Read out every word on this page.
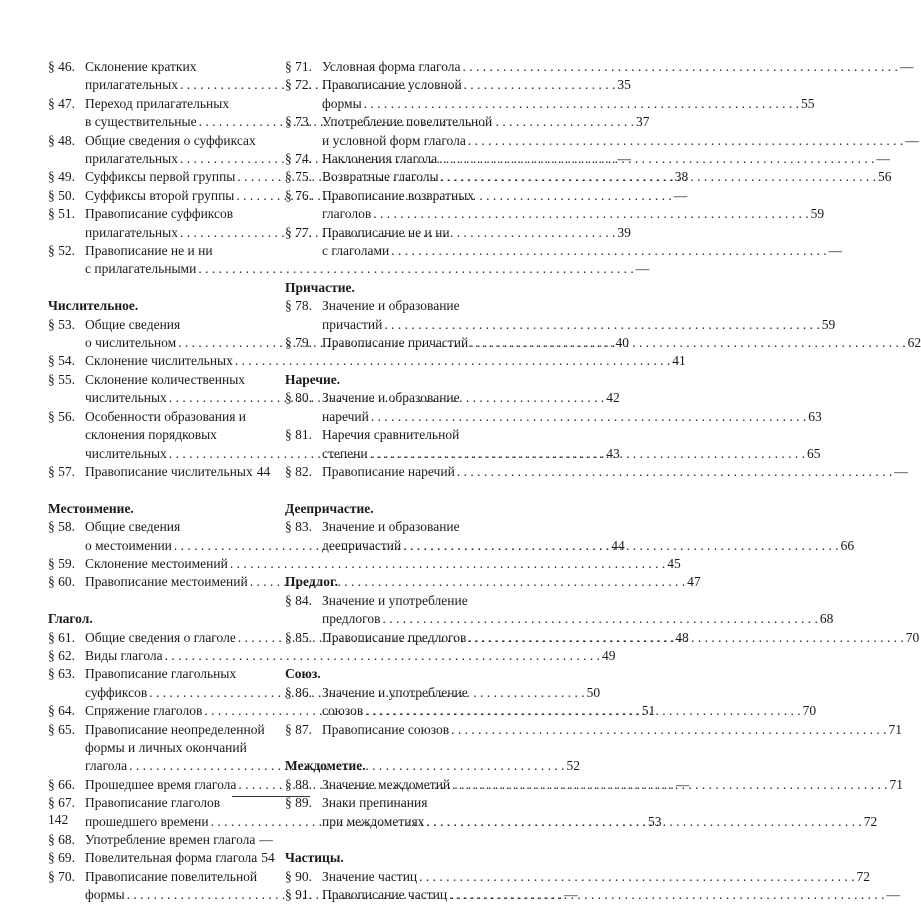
§ 46. Склонение кратких
прилагательных . . .	35
§ 47. Переход прилагательных
в существительные . . .	37
§ 48. Общие сведения о суффиксах
прилагательных . . .	—
§ 49. Суффиксы первой группы . . .	38
§ 50. Суффиксы второй группы . . .	—
§ 51. Правописание суффиксов
прилагательных . . .	39
§ 52. Правописание не и ни
с прилагательными . . .	—
Числительное.
§ 53. Общие сведения
о числительном . . .	40
§ 54. Склонение числительных . . .	41
§ 55. Склонение количественных
числительных . . .	42
§ 56. Особенности образования и
склонения порядковых
числительных . . .	43
§ 57. Правописание числительных . . . 44
Местоимение.
§ 58. Общие сведения
о местоимении . . .	44
§ 59. Склонение местоимений . . .	45
§ 60. Правописание местоимений . . .	47
Глагол.
§ 61. Общие сведения о глаголе . . .	48
§ 62. Виды глагола . . .	49
§ 63. Правописание глагольных
суффиксов . . .	50
§ 64. Спряжение глаголов . . .	51
§ 65. Правописание неопределенной
формы и личных окончаний
глагола . . .	52
§ 66. Прошедшее время глагола . . .	—
§ 67. Правописание глаголов
прошедшего времени . . .	53
§ 68. Употребление времен глагола . . . —
§ 69. Повелительная форма глагола . . . 54
§ 70. Правописание повелительной
формы . . .	—
§ 71. Условная форма глагола . . .	—
§ 72. Правописание условной
формы . . .	55
§ 73. Употребление повелительной
и условной форм глагола . . .	—
§ 74. Наклонения глагола . . .	—
§ 75. Возвратные глаголы . . .	56
§ 76. Правописание возвратных
глаголов . . .	59
§ 77. Правописание не и ни
с глаголами . . .	—
Причастие.
§ 78. Значение и образование
причастий . . .	59
§ 79. Правописание причастий . . .	62
Наречие.
§ 80. Значение и образование
наречий . . .	63
§ 81. Наречия сравнительной
степени . . .	65
§ 82. Правописание наречий . . .	—
Деепричастие.
§ 83. Значение и образование
деепричастий . . .	66
Предлог.
§ 84. Значение и употребление
предлогов . . .	68
§ 85. Правописание предлогов . . .	70
Союз.
§ 86. Значение и употребление
союзов . . .	70
§ 87. Правописание союзов . . .	71
Междометие.
§ 88. Значение междометий . . .	71
§ 89. Знаки препинания
при междометиях . . .	72
Частицы.
§ 90. Значение частиц . . .	72
§ 91. Правописание частиц . . .	—
142
